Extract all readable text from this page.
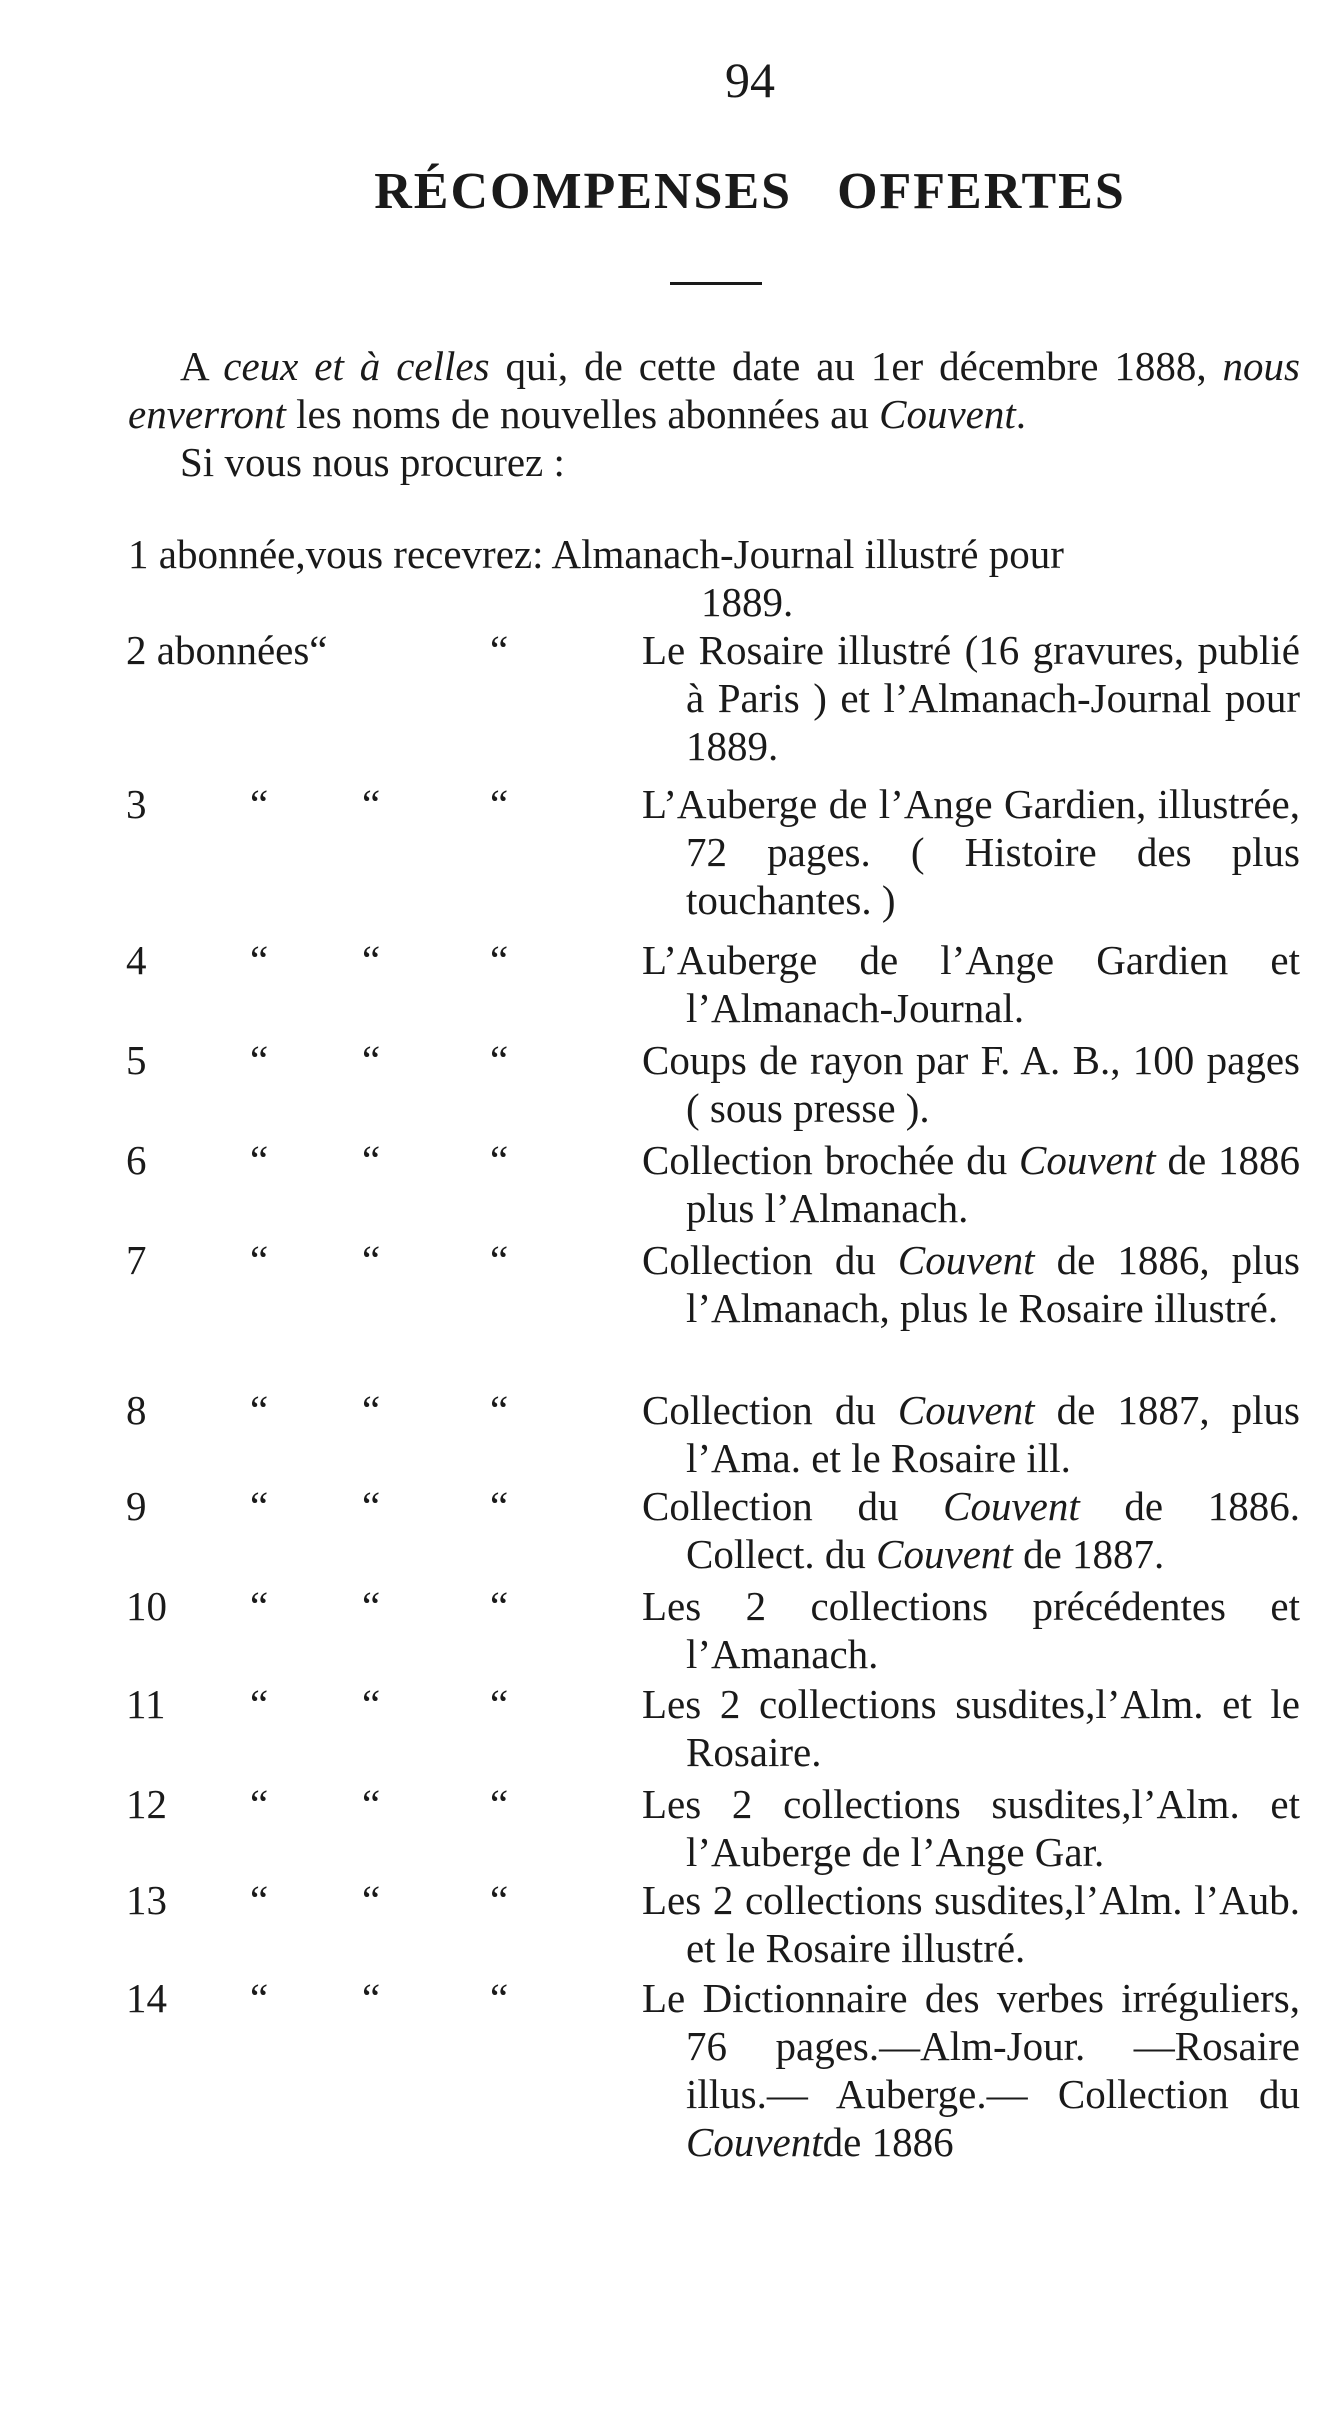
94
RÉCOMPENSES OFFERTES

A ceux et à celles qui, de cette date au 1er décembre 1888, nous enverront les noms de nouvelles abonnées au Couvent.

Si vous nous procurez :

1 abonnée,vous recevrez: Almanach-Journal illustré pour
1889.
2 abonnées“	“	Le Rosaire illustré (16 gravures, publié à Paris ) et l’Almanach-Journal pour 1889.
3	“ “	“	L’Auberge de l’Ange Gardien, illustrée, 72 pages. ( Histoire des plus touchantes. )
4	“ “	“	L’Auberge de l’Ange Gardien et l’Almanach-Journal.
5	“ “	“	Coups de rayon par F. A. B., 100 pages ( sous presse ).
6	“ “	“	Collection brochée du Couvent de 1886 plus l’Almanach.
7	“ “	“	Collection du Couvent de 1886, plus l’Almanach, plus le Rosaire illustré.
8	“ “	“	Collection du Couvent de 1887, plus l’Ama. et le Rosaire ill.
9	“ “	“	Collection du Couvent de 1886. Collect. du Couvent de 1887.
10 “ “	“	Les 2 collections précédentes et l’Amanach.
11 “ “	“	Les 2 collections susdites,l’Alm. et le Rosaire.
12 “ “	“	Les 2 collections susdites,l’Alm. et l’Auberge de l’Ange Gar.
13 “ “	“	Les 2 collections susdites,l’Alm. l’Aub. et le Rosaire illustré.
14 “ “	“	Le Dictionnaire des verbes irréguliers, 76 pages.—Alm-Jour. —Rosaire illus.— Auberge.— Collection du Couventde 1886
